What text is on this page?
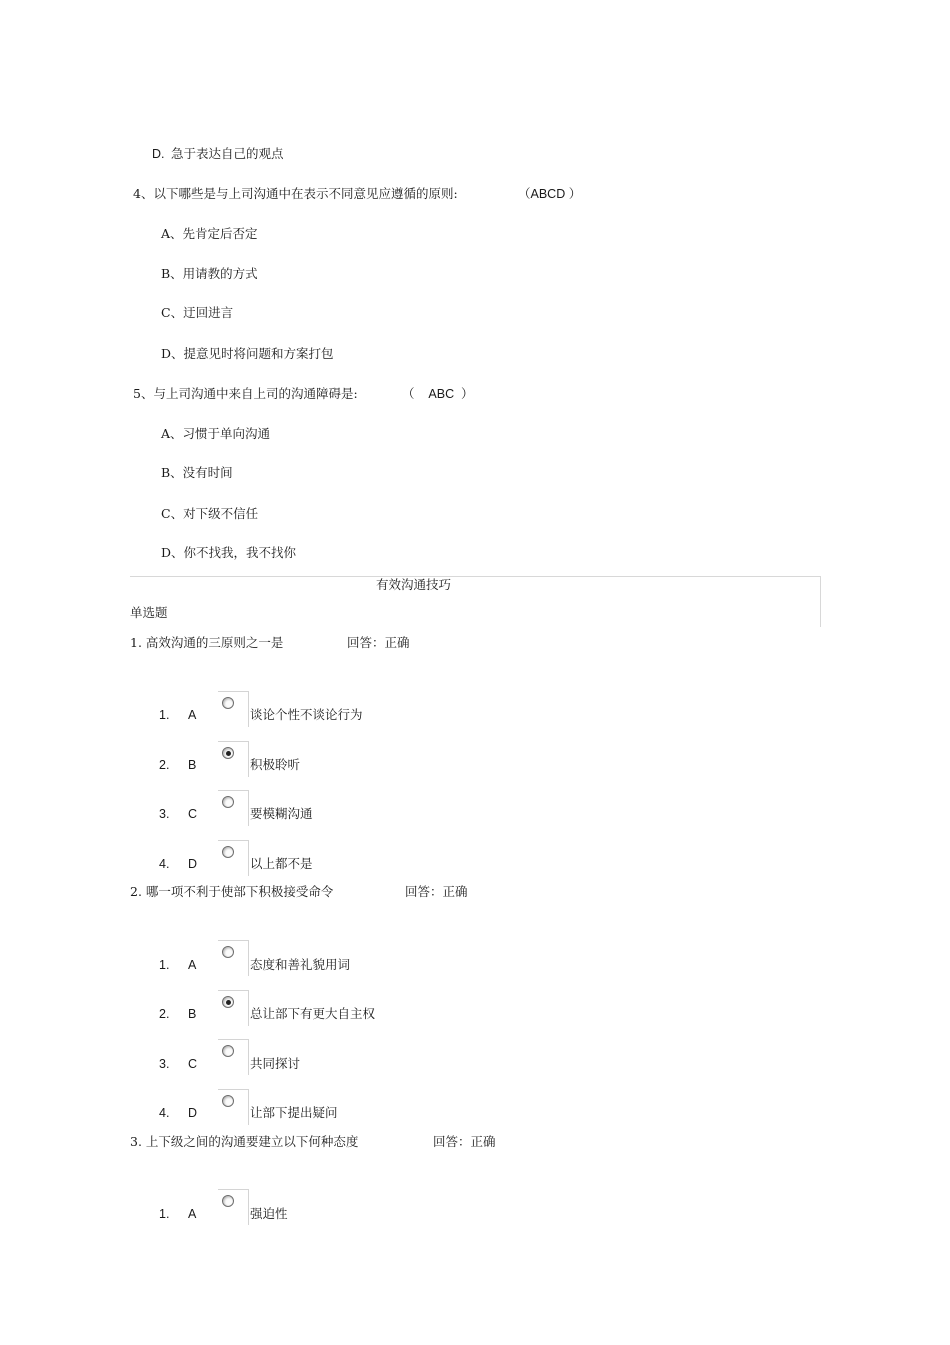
D. 急于表达自己的观点
4、以下哪些是与上司沟通中在表示不同意见应遵循的原则:	（ABCD ）
A、先肯定后否定
B、用请教的方式
C、迂回进言
D、提意见时将问题和方案打包
5、与上司沟通中来自上司的沟通障碍是:	（    ABC  ）
A、习惯于单向沟通
B、没有时间
C、对下级不信任
D、你不找我，我不找你
有效沟通技巧
单选题
1. 高效沟通的三原则之一是	回答：正确
1. A	谈论个性不谈论行为
2. B	积极聆听
3. C	要模糊沟通
4. D	以上都不是
2. 哪一项不利于使部下积极接受命令	回答：正确
1. A	态度和善礼貌用词
2. B	总让部下有更大自主权
3. C	共同探讨
4. D	让部下提出疑问
3. 上下级之间的沟通要建立以下何种态度	回答：正确
1. A	强迫性
